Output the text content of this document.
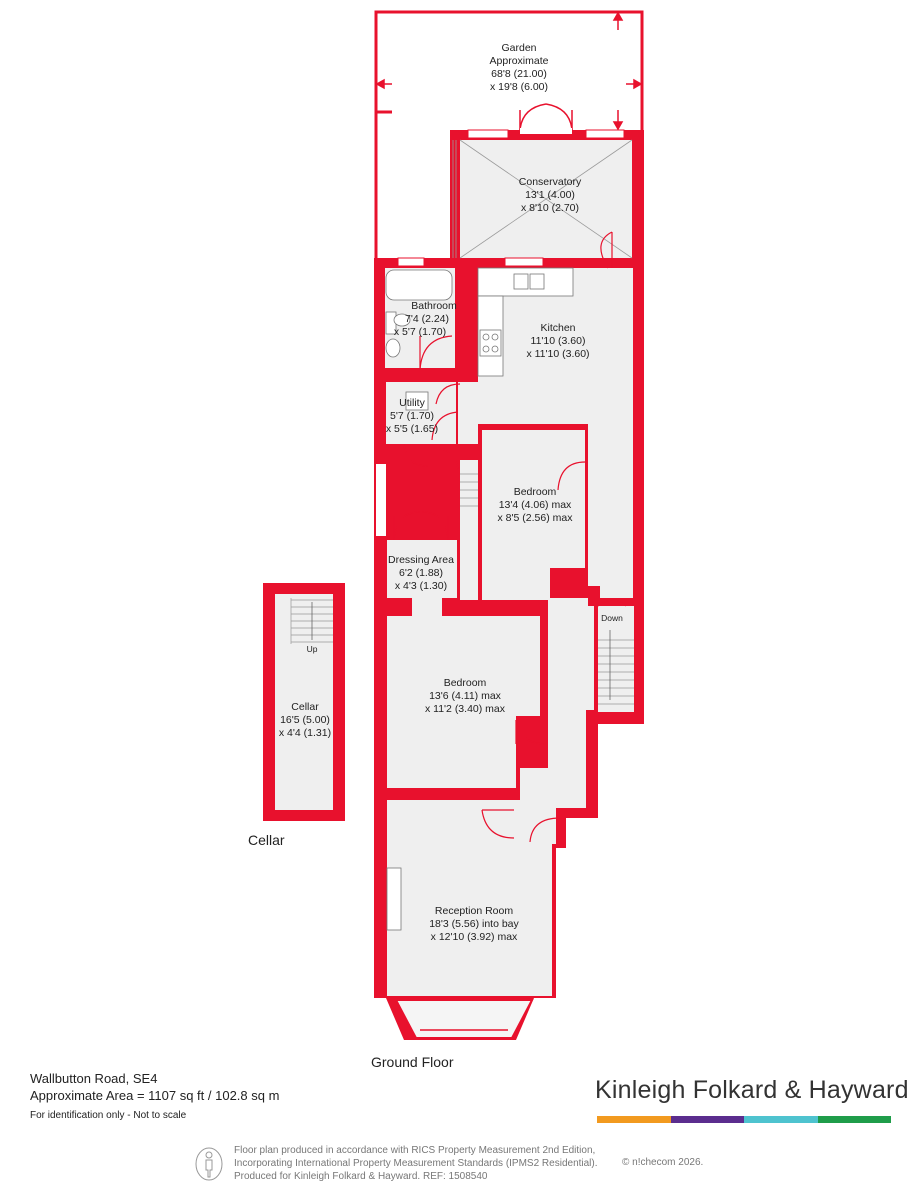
Garden
Approximate
68'8 (21.00)
x 19'8 (6.00)
Conservatory
13'1 (4.00)
x 8'10 (2.70)
Bathroom
7'4 (2.24)
x 5'7 (1.70)	Kitchen
11'10 (3.60)
x 11'10 (3.60)
Utility
5'7 (1.70)
x 5'5 (1.65)
Bedroom
13'4 (4.06) max
x 8'5 (2.56) max
Dressing Area
6'2 (1.88)
x 4'3 (1.30)
Bedroom
13'6 (4.11) max
x 11'2 (3.40) max
Reception Room
18'3 (5.56) into bay
x 12'10 (3.92) max
Cellar
16'5 (5.00)
x 4'4 (1.31)
Down
Up
Cellar
Ground Floor
Wallbutton Road, SE4
Approximate Area = 1107 sq ft / 102.8 sq m
For identification only - Not to scale
Kinleigh Folkard & Hayward
Floor plan produced in accordance with RICS Property Measurement 2nd Edition,
Incorporating International Property Measurement Standards (IPMS2 Residential).
Produced for Kinleigh Folkard & Hayward. REF: 1508540
© n!checom 2026.
